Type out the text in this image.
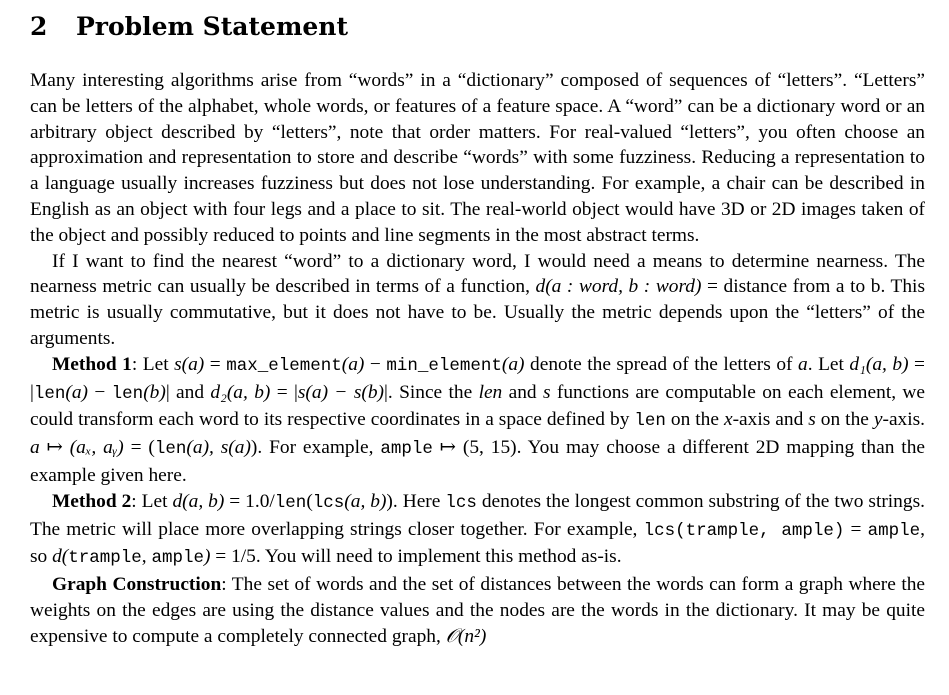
2 Problem Statement

Many interesting algorithms arise from “words” in a “dictionary” composed of sequences of “letters”. “Letters” can be letters of the alphabet, whole words, or features of a feature space. A “word” can be a dictionary word or an arbitrary object described by “letters”, note that order matters. For real-valued “letters”, you often choose an approximation and representation to store and describe “words” with some fuzziness. Reducing a representation to a language usually increases fuzziness but does not lose understanding. For example, a chair can be described in English as an object with four legs and a place to sit. The real-world object would have 3D or 2D images taken of the object and possibly reduced to points and line segments in the most abstract terms.

If I want to find the nearest “word” to a dictionary word, I would need a means to determine nearness. The nearness metric can usually be described in terms of a function, d(a : word, b : word) = distance from a to b. This metric is usually commutative, but it does not have to be. Usually the metric depends upon the “letters” of the arguments.

Method 1: Let s(a) = max_element(a) − min_element(a) denote the spread of the letters of a. Let d₁(a, b) = |len(a) − len(b)| and d₂(a, b) = |s(a) − s(b)|. Since the len and s functions are computable on each element, we could transform each word to its respective coordinates in a space defined by len on the x-axis and s on the y-axis. a ↦ (aₓ, aᵧ) = (len(a), s(a)). For example, ample ↦ (5, 15). You may choose a different 2D mapping than the example given here.

Method 2: Let d(a, b) = 1.0/len(lcs(a, b)). Here lcs denotes the longest common substring of the two strings. The metric will place more overlapping strings closer together. For example, lcs(trample, ample) = ample, so d(trample, ample) = 1/5. You will need to implement this method as-is.

Graph Construction: The set of words and the set of distances between the words can form a graph where the weights on the edges are using the distance values and the nodes are the words in the dictionary. It may be quite expensive to compute a completely connected graph, 𝒪(n²)
